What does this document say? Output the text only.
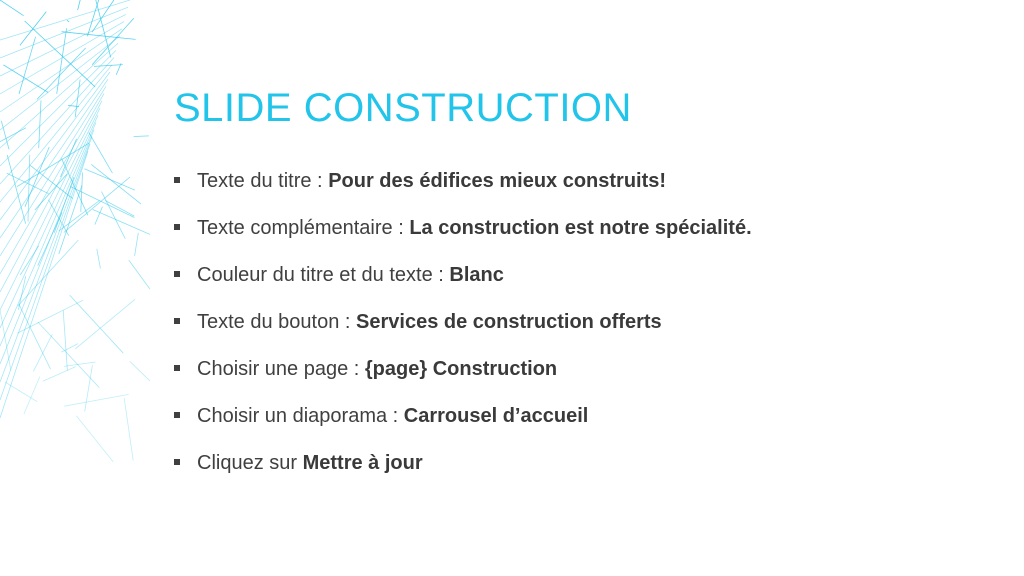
SLIDE CONSTRUCTION
Texte du titre :
Pour des édifices mieux construits!
Texte complémentaire :
La construction est notre spécialité.
Couleur du titre et du texte :
Blanc
Texte du bouton :
Services de construction offerts
Choisir une page :
{page} Construction
Choisir un diaporama :
Carrousel d’accueil
Cliquez sur
Mettre à jour
